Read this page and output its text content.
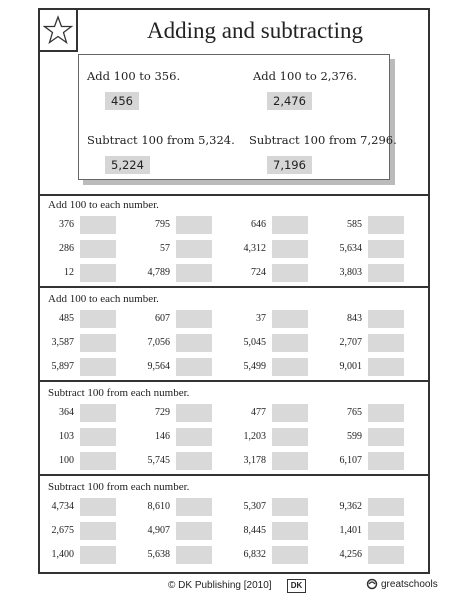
Adding and subtracting
Add 100 to 356.
456
Add 100 to 2,376.
2,476
Subtract 100 from 5,324.
5,224
Subtract 100 from 7,296.
7,196
Add 100 to each number.
376	795	646	585
286	57	4,312	5,634
12	4,789	724	3,803
Add 100 to each number.
485	607	37	843
3,587	7,056	5,045	2,707
5,897	9,564	5,499	9,001
Subtract 100 from each number.
364	729	477	765
103	146	1,203	599
100	5,745	3,178	6,107
Subtract 100 from each number.
4,734	8,610	5,307	9,362
2,675	4,907	8,445	1,401
1,400	5,638	6,832	4,256
© DK Publishing [2010]	DK	greatschools
